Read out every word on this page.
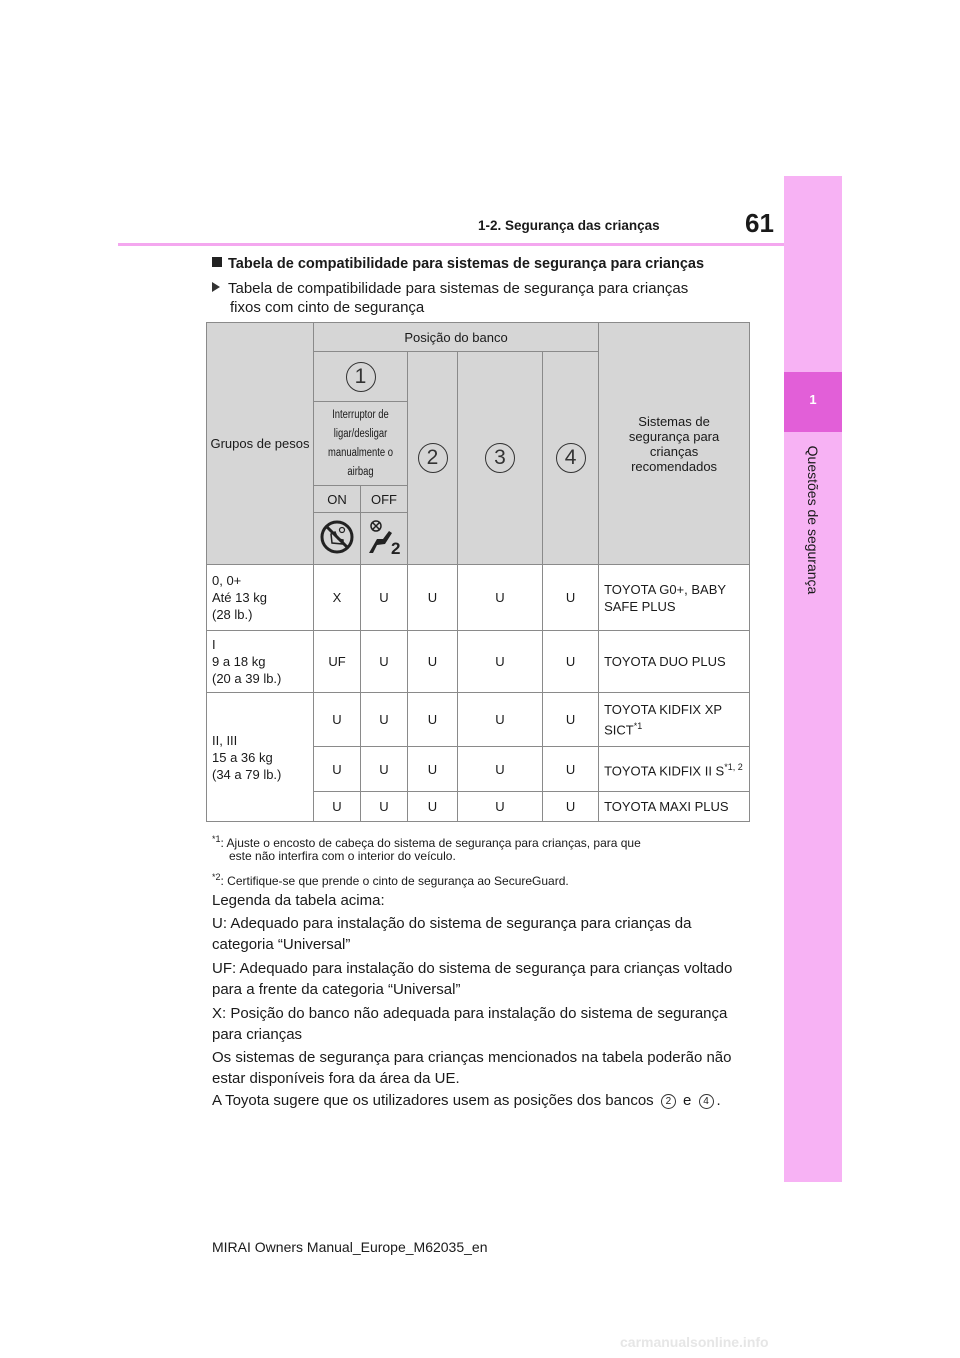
1
Questões de segurança
1-2. Segurança das crianças	61
Tabela de compatibilidade para sistemas de segurança para crianças
Tabela de compatibilidade para sistemas de segurança para crianças
fixos com cinto de segurança
Grupos de pesos	Posição do banco					Sistemas de segurança para crianças recomendados
	1		2	3	4	
	Interruptor de ligar/desligar manualmente o airbag					
	ON	OFF				

2				

0, 0+
Até 13 kg
(28 lb.)	X	U	U	U	U	TOYOTA G0+, BABY SAFE PLUS

I
9 a 18 kg
(20 a 39 lb.)	UF	U	U	U	U	TOYOTA DUO PLUS

II, III
15 a 36 kg
(34 a 79 lb.)	U	U	U	U	U	TOYOTA KIDFIX XP SICT$^{*1}$
	U	U	U	U	U	TOYOTA KIDFIX II S$^{*1, 2}$
	U	U	U	U	U	TOYOTA MAXI PLUS
$^{*1}$: Ajuste o encosto de cabeça do sistema de segurança para crianças, para que
este não interfira com o interior do veículo.
$^{*2}$: Certifique-se que prende o cinto de segurança ao SecureGuard.
Legenda da tabela acima:
U: Adequado para instalação do sistema de segurança para crianças da categoria “Universal”
UF: Adequado para instalação do sistema de segurança para crianças voltado para a frente da categoria “Universal”
X: Posição do banco não adequada para instalação do sistema de segurança para crianças
Os sistemas de segurança para crianças mencionados na tabela poderão não estar disponíveis fora da área da UE.
A Toyota sugere que os utilizadores usem as posições dos bancos 2 e 4 .
MIRAI Owners Manual_Europe_M62035_en
carmanualsonline.info
